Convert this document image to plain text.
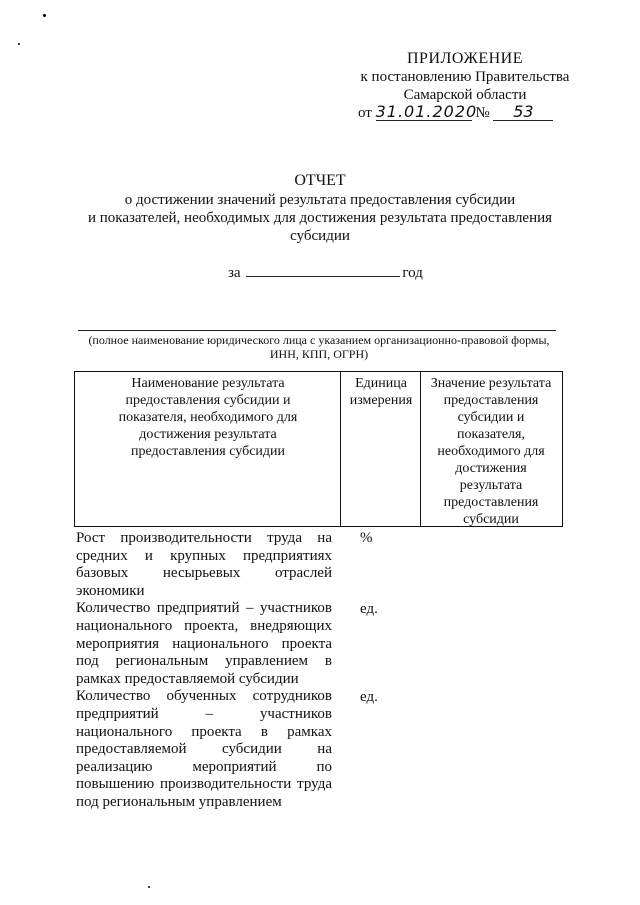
ПРИЛОЖЕНИЕ
к постановлению Правительства
Самарской области
от 31.01.2020 № 53
ОТЧЕТ
о достижении значений результата предоставления субсидии
и показателей, необходимых для достижения результата предоставления
субсидии
за	год
(полное наименование юридического лица с указанием организационно-правовой формы,
ИНН, КПП, ОГРН)
Наименование результата
предоставления субсидии и
показателя, необходимого для
достижения результата
предоставления субсидии
Единица
измерения
Значение результата
предоставления
субсидии и
показателя,
необходимого для
достижения
результата
предоставления
субсидии
Рост производительности труда на средних и крупных предприятиях базовых несырьевых отраслей экономики
Количество предприятий – участников национального проекта, внедряющих мероприятия национального проекта под региональным управлением в рамках предоставляемой субсидии
Количество обученных сотрудников предприятий – участников национального проекта в рамках предоставляемой субсидии на реализацию мероприятий по повышению производительности труда под региональным управлением
%
ед.
ед.
